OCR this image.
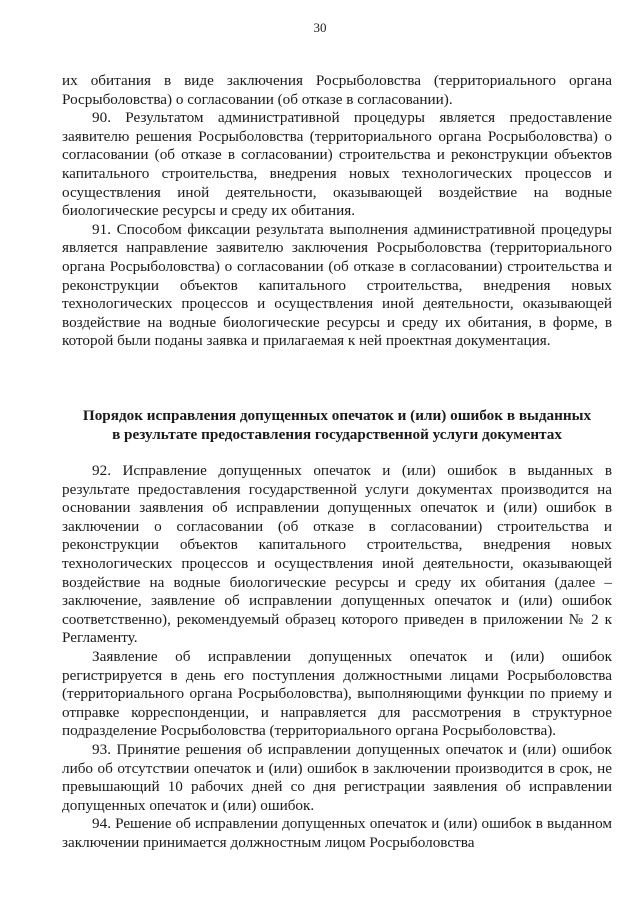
30

их обитания в виде заключения Росрыболовства (территориального органа Росрыболовства) о согласовании (об отказе в согласовании).

90. Результатом административной процедуры является предоставление заявителю решения Росрыболовства (территориального органа Росрыболовства) о согласовании (об отказе в согласовании) строительства и реконструкции объектов капитального строительства, внедрения новых технологических процессов и осуществления иной деятельности, оказывающей воздействие на водные биологические ресурсы и среду их обитания.

91. Способом фиксации результата выполнения административной процедуры является направление заявителю заключения Росрыболовства (территориального органа Росрыболовства) о согласовании (об отказе в согласовании) строительства и реконструкции объектов капитального строительства, внедрения новых технологических процессов и осуществления иной деятельности, оказывающей воздействие на водные биологические ресурсы и среду их обитания, в форме, в которой были поданы заявка и прилагаемая к ней проектная документация.

Порядок исправления допущенных опечаток и (или) ошибок в выданных
в результате предоставления государственной услуги документах

92. Исправление допущенных опечаток и (или) ошибок в выданных в результате предоставления государственной услуги документах производится на основании заявления об исправлении допущенных опечаток и (или) ошибок в заключении о согласовании (об отказе в согласовании) строительства и реконструкции объектов капитального строительства, внедрения новых технологических процессов и осуществления иной деятельности, оказывающей воздействие на водные биологические ресурсы и среду их обитания (далее – заключение, заявление об исправлении допущенных опечаток и (или) ошибок соответственно), рекомендуемый образец которого приведен в приложении № 2 к Регламенту.

Заявление об исправлении допущенных опечаток и (или) ошибок регистрируется в день его поступления должностными лицами Росрыболовства (территориального органа Росрыболовства), выполняющими функции по приему и отправке корреспонденции, и направляется для рассмотрения в структурное подразделение Росрыболовства (территориального органа Росрыболовства).

93. Принятие решения об исправлении допущенных опечаток и (или) ошибок либо об отсутствии опечаток и (или) ошибок в заключении производится в срок, не превышающий 10 рабочих дней со дня регистрации заявления об исправлении допущенных опечаток и (или) ошибок.

94. Решение об исправлении допущенных опечаток и (или) ошибок в выданном заключении принимается должностным лицом Росрыболовства
